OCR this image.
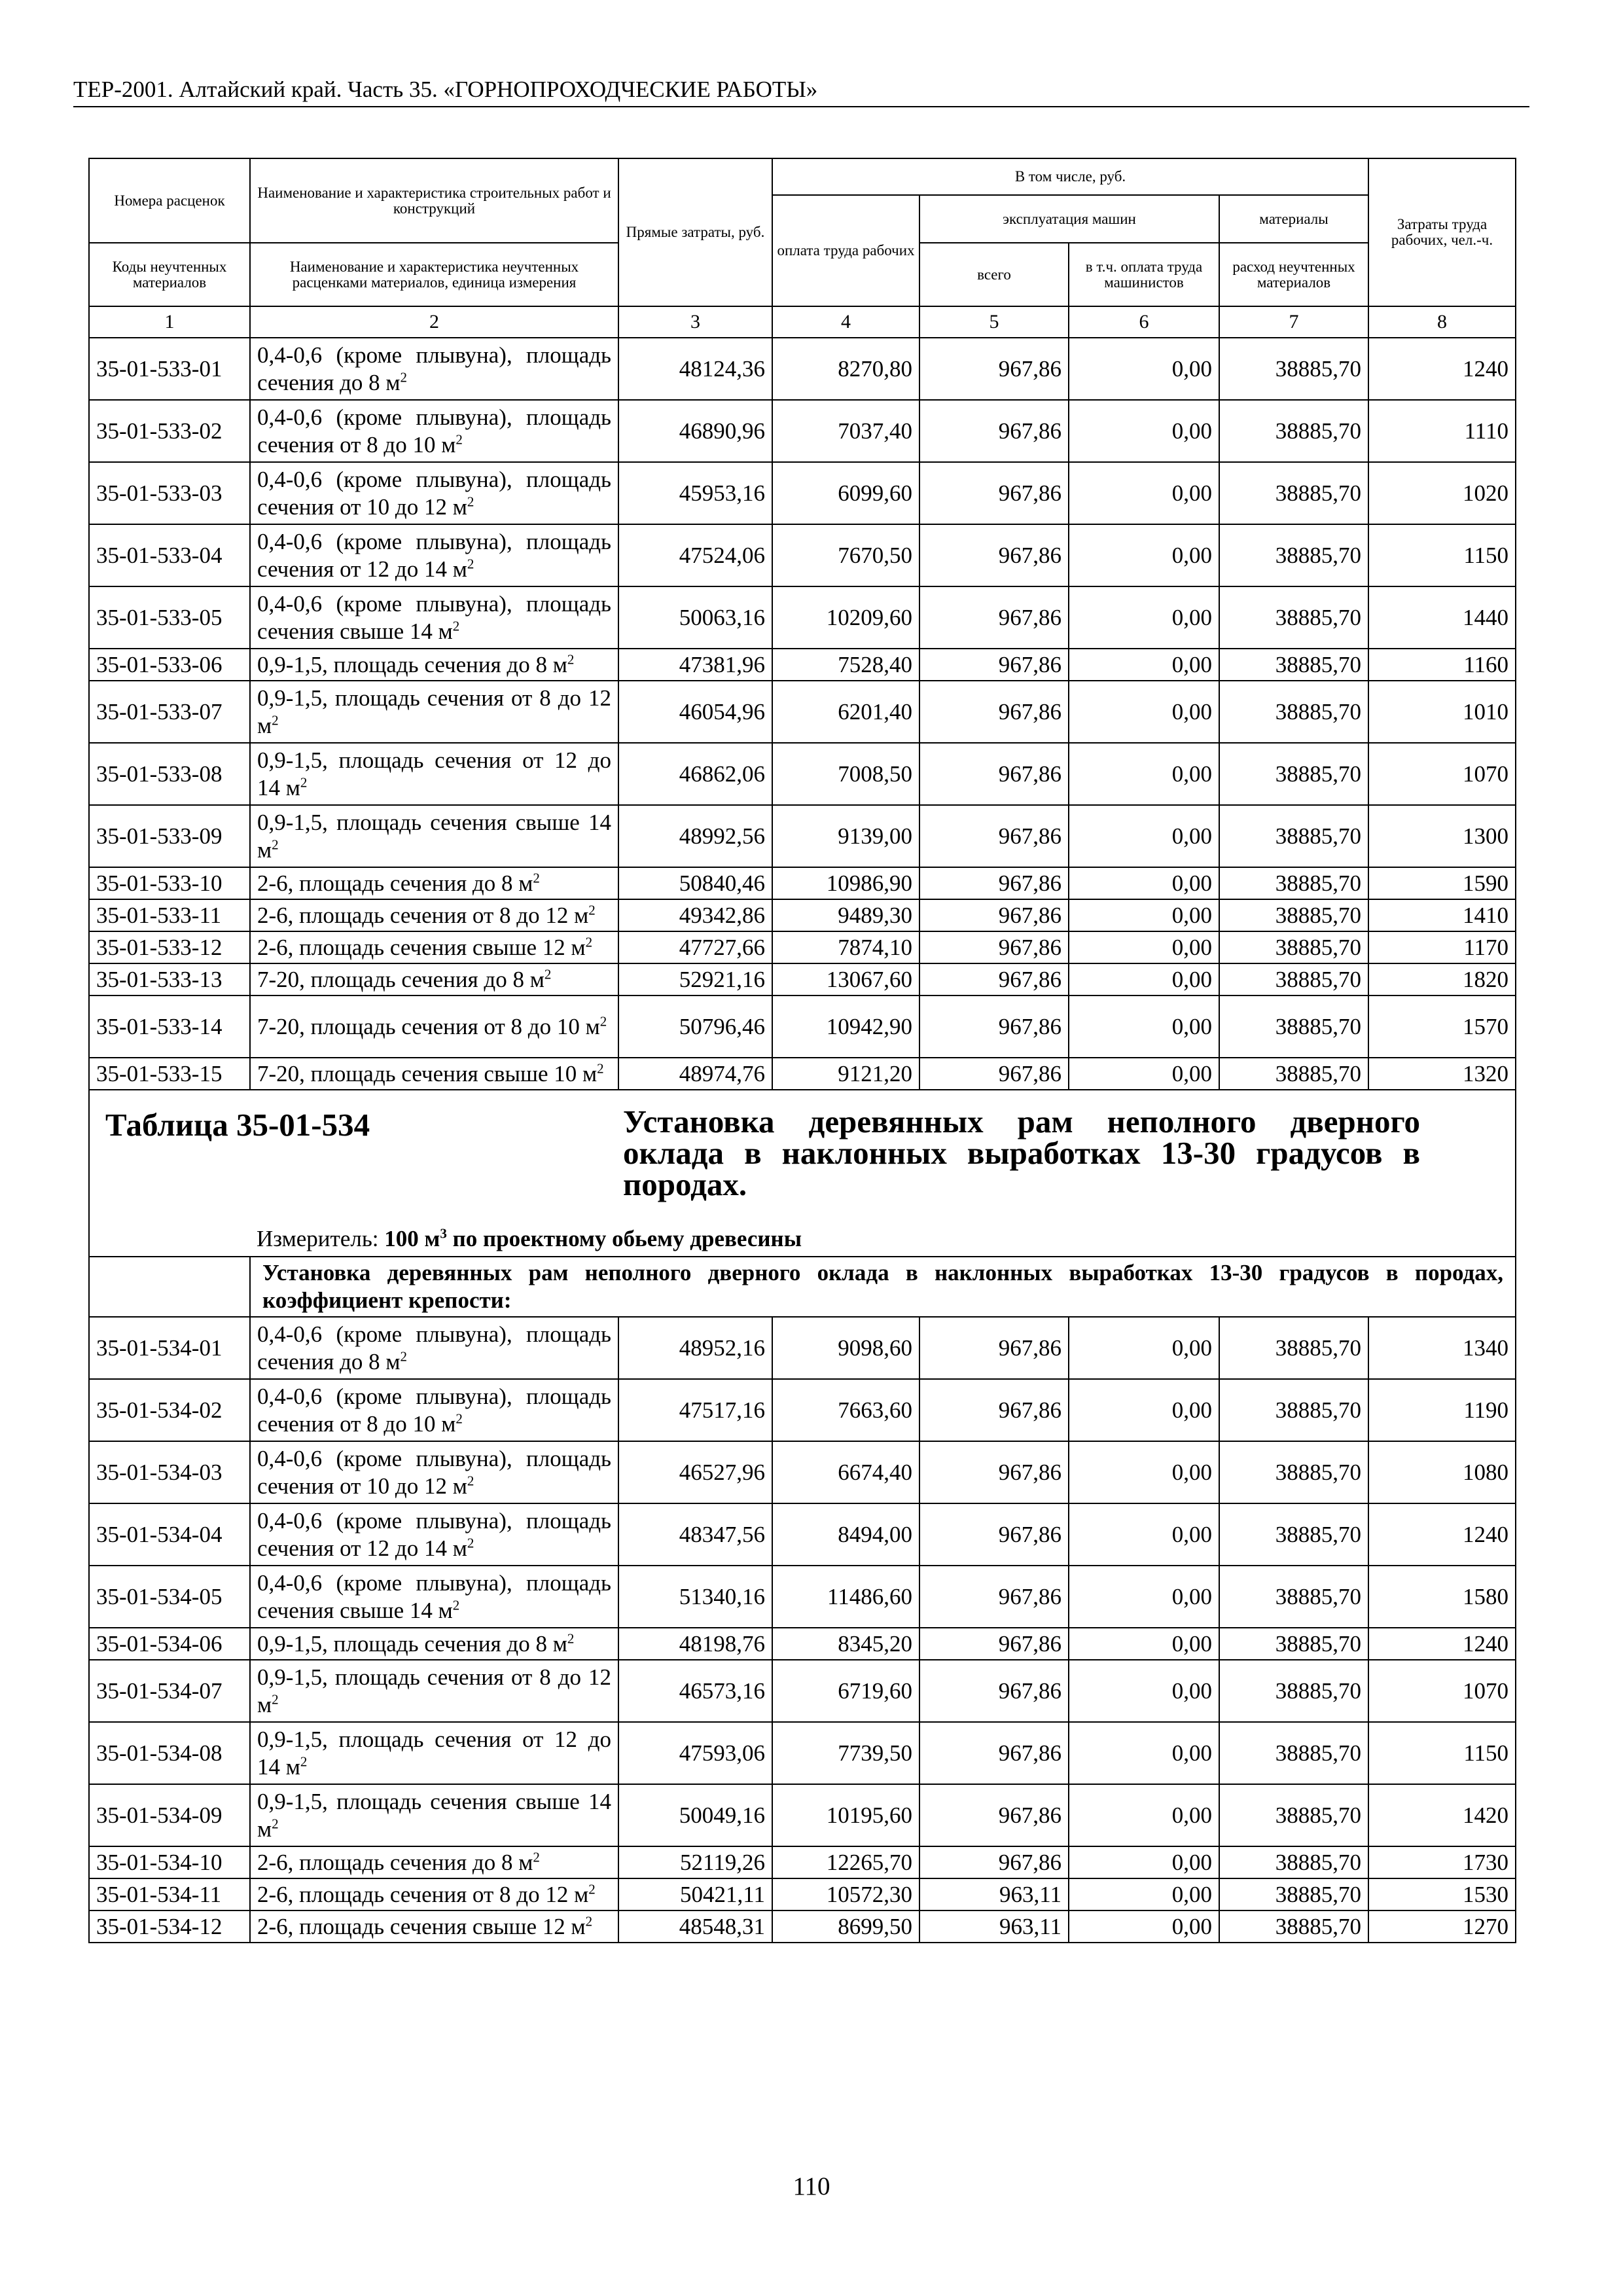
ТЕР-2001. Алтайский край. Часть 35. «ГОРНОПРОХОДЧЕСКИЕ РАБОТЫ»
Номера расценок	Наименование и характеристика строительных работ и конструкций	Прямые затраты, руб.	В том числе, руб.				Затраты труда рабочих, чел.-ч.
			оплата труда рабочих	эксплуатация машин		материалы	
Коды неучтенных материалов	Наименование и характеристика неучтенных расценками материалов, единица измерения			всего	в т.ч. оплата труда машинистов	расход неучтенных материалов	
1	2	3	4	5	6	7	8
35-01-533-01	0,4-0,6 (кроме плывуна), площадь сечения до 8 $м^2$	48124,36	8270,80	967,86	0,00	38885,70	1240
35-01-533-02	0,4-0,6 (кроме плывуна), площадь сечения от 8 до 10 $м^2$	46890,96	7037,40	967,86	0,00	38885,70	1110
35-01-533-03	0,4-0,6 (кроме плывуна), площадь сечения от 10 до 12 $м^2$	45953,16	6099,60	967,86	0,00	38885,70	1020
35-01-533-04	0,4-0,6 (кроме плывуна), площадь сечения от 12 до 14 $м^2$	47524,06	7670,50	967,86	0,00	38885,70	1150
35-01-533-05	0,4-0,6 (кроме плывуна), площадь сечения свыше 14 $м^2$	50063,16	10209,60	967,86	0,00	38885,70	1440
35-01-533-06	0,9-1,5, площадь сечения до 8 $м^2$	47381,96	7528,40	967,86	0,00	38885,70	1160
35-01-533-07	0,9-1,5, площадь сечения от 8 до 12 $м^2$	46054,96	6201,40	967,86	0,00	38885,70	1010
35-01-533-08	0,9-1,5, площадь сечения от 12 до 14 $м^2$	46862,06	7008,50	967,86	0,00	38885,70	1070
35-01-533-09	0,9-1,5, площадь сечения свыше 14 $м^2$	48992,56	9139,00	967,86	0,00	38885,70	1300
35-01-533-10	2-6, площадь сечения до 8 $м^2$	50840,46	10986,90	967,86	0,00	38885,70	1590
35-01-533-11	2-6, площадь сечения от 8 до 12 $м^2$	49342,86	9489,30	967,86	0,00	38885,70	1410
35-01-533-12	2-6, площадь сечения свыше 12 $м^2$	47727,66	7874,10	967,86	0,00	38885,70	1170
35-01-533-13	7-20, площадь сечения до 8 $м^2$	52921,16	13067,60	967,86	0,00	38885,70	1820
35-01-533-14	7-20, площадь сечения от 8 до 10 $м^2$	50796,46	10942,90	967,86	0,00	38885,70	1570
35-01-533-15	7-20, площадь сечения свыше 10 $м^2$	48974,76	9121,20	967,86	0,00	38885,70	1320

Таблица 35-01-534 Установка деревянных рам неполного дверного оклада в наклонных выработках 13-30 градусов в породах.
Измеритель: 100 $м^3$ по проектному обьему древесины							

	Установка деревянных рам неполного дверного оклада в наклонных выработках 13-30 градусов в породах, коэффициент крепости:						
35-01-534-01	0,4-0,6 (кроме плывуна), площадь сечения до 8 $м^2$	48952,16	9098,60	967,86	0,00	38885,70	1340
35-01-534-02	0,4-0,6 (кроме плывуна), площадь сечения от 8 до 10 $м^2$	47517,16	7663,60	967,86	0,00	38885,70	1190
35-01-534-03	0,4-0,6 (кроме плывуна), площадь сечения от 10 до 12 $м^2$	46527,96	6674,40	967,86	0,00	38885,70	1080
35-01-534-04	0,4-0,6 (кроме плывуна), площадь сечения от 12 до 14 $м^2$	48347,56	8494,00	967,86	0,00	38885,70	1240
35-01-534-05	0,4-0,6 (кроме плывуна), площадь сечения свыше 14 $м^2$	51340,16	11486,60	967,86	0,00	38885,70	1580
35-01-534-06	0,9-1,5, площадь сечения до 8 $м^2$	48198,76	8345,20	967,86	0,00	38885,70	1240
35-01-534-07	0,9-1,5, площадь сечения от 8 до 12 $м^2$	46573,16	6719,60	967,86	0,00	38885,70	1070
35-01-534-08	0,9-1,5, площадь сечения от 12 до 14 $м^2$	47593,06	7739,50	967,86	0,00	38885,70	1150
35-01-534-09	0,9-1,5, площадь сечения свыше 14 $м^2$	50049,16	10195,60	967,86	0,00	38885,70	1420
35-01-534-10	2-6, площадь сечения до 8 $м^2$	52119,26	12265,70	967,86	0,00	38885,70	1730
35-01-534-11	2-6, площадь сечения от 8 до 12 $м^2$	50421,11	10572,30	963,11	0,00	38885,70	1530
35-01-534-12	2-6, площадь сечения свыше 12 $м^2$	48548,31	8699,50	963,11	0,00	38885,70	1270
110
